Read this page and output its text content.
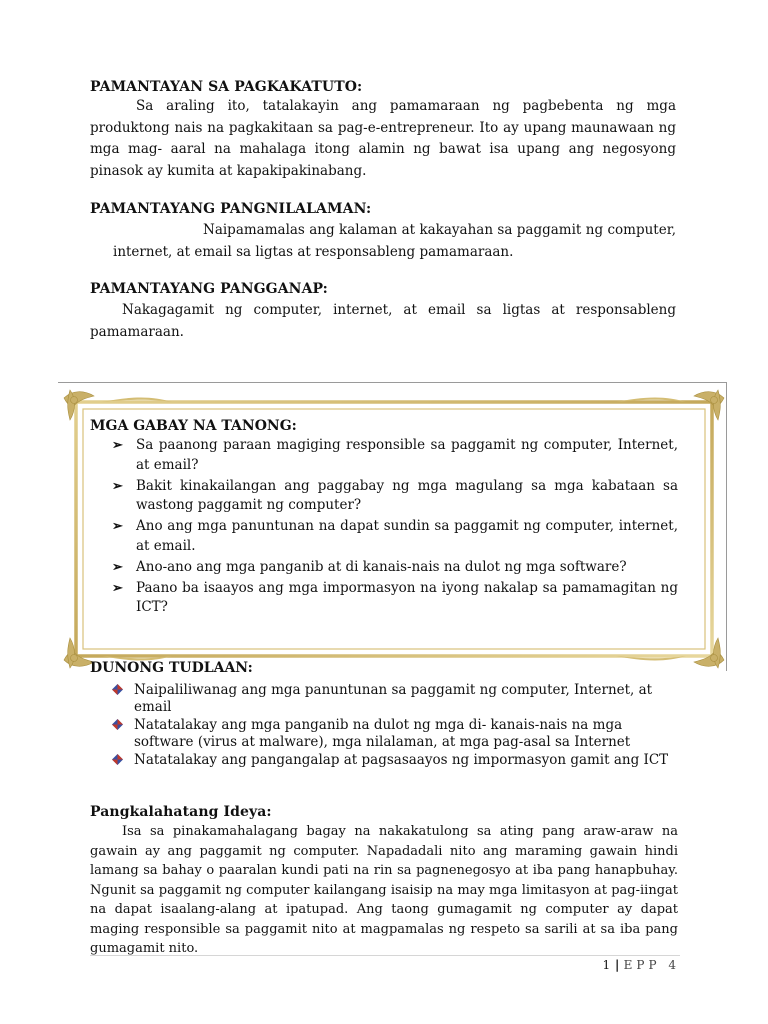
PAMANTAYAN SA PAGKAKATUTO:

Sa araling ito, tatalakayin ang pamamaraan ng pagbebenta ng mga produktong nais na pagkakitaan sa pag-e-entrepreneur. Ito ay upang maunawaan ng mga mag- aaral na mahalaga itong alamin ng bawat isa upang ang negosyong pinasok ay kumita at kapakipakinabang.

PAMANTAYANG PANGNILALAMAN:
Naipamamalas ang kalaman at kakayahan sa paggamit ng computer,
internet, at email sa ligtas at responsableng pamamaraan.
PAMANTAYANG PANGGANAP:

Nakagagamit ng computer, internet, at email sa ligtas at responsableng pamamaraan.

MGA GABAY NA TANONG:
➢ Sa paanong paraan magiging responsible sa paggamit ng computer, Internet, at email?
➢ Bakit kinakailangan ang paggabay ng mga magulang sa mga kabataan sa wastong paggamit ng computer?
➢ Ano ang mga panuntunan na dapat sundin sa paggamit ng computer, internet, at email.
➢ Ano-ano ang mga panganib at di kanais-nais na dulot ng mga software?
➢ Paano ba isaayos ang mga impormasyon na iyong nakalap sa pamamagitan ng ICT?
DUNONG TUDLAAN:
Naipaliliwanag ang mga panuntunan sa paggamit ng computer, Internet, at email
Natatalakay ang mga panganib na dulot ng mga di- kanais-nais na mga software (virus at malware), mga nilalaman, at mga pag-asal sa Internet
Natatalakay ang pangangalap at pagsasaayos ng impormasyon gamit ang ICT
Pangkalahatang Ideya:

Isa sa pinakamahalagang bagay na nakakatulong sa ating pang araw-araw na gawain ay ang paggamit ng computer. Napadadali nito ang maraming gawain hindi lamang sa bahay o paaralan kundi pati na rin sa pagnenegosyo at iba pang hanapbuhay. Ngunit sa paggamit ng computer kailangang isaisip na may mga limitasyon at pag-iingat na dapat isaalang-alang at ipatupad. Ang taong gumagamit ng computer ay dapat maging responsible sa paggamit nito at magpamalas ng respeto sa sarili at sa iba pang gumagamit nito.

1 | EPP 4
